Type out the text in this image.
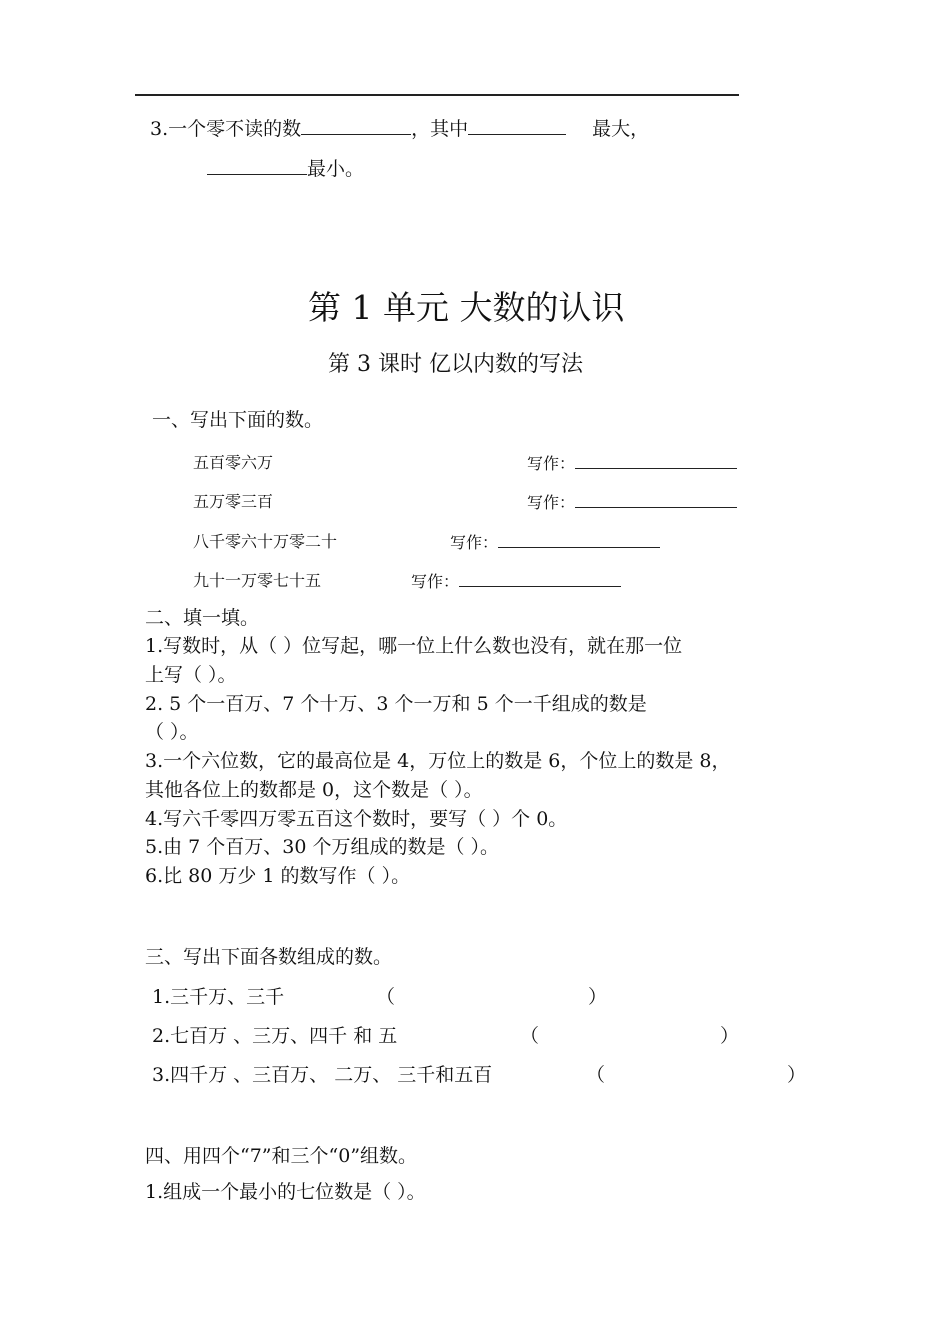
3.一个零不读的数	，其中	最大，
最小。
第 1 单元 大数的认识
第 3 课时 亿以内数的写法
一、写出下面的数。
五百零六万	写作：
五万零三百	写作：
八千零六十万零二十	写作：
九十一万零七十五	写作：
二、填一填。
1.写数时，从（ ）位写起，哪一位上什么数也没有，就在那一位
上写（ ）。
2. 5 个一百万、7 个十万、3 个一万和 5 个一千组成的数是
（ ）。
3.一个六位数，它的最高位是 4，万位上的数是 6，个位上的数是 8，
其他各位上的数都是 0，这个数是（ ）。
4.写六千零四万零五百这个数时，要写（ ）个 0。
5.由 7 个百万、30 个万组成的数是（ ）。
6.比 80 万少 1 的数写作（ ）。
三、写出下面各数组成的数。
1.三千万、三千	（	）
2.七百万 、三万、四千 和 五	（	）
3.四千万 、三百万、 二万、 三千和五百	（	）
四、用四个“7”和三个“0”组数。
1.组成一个最小的七位数是（ ）。
